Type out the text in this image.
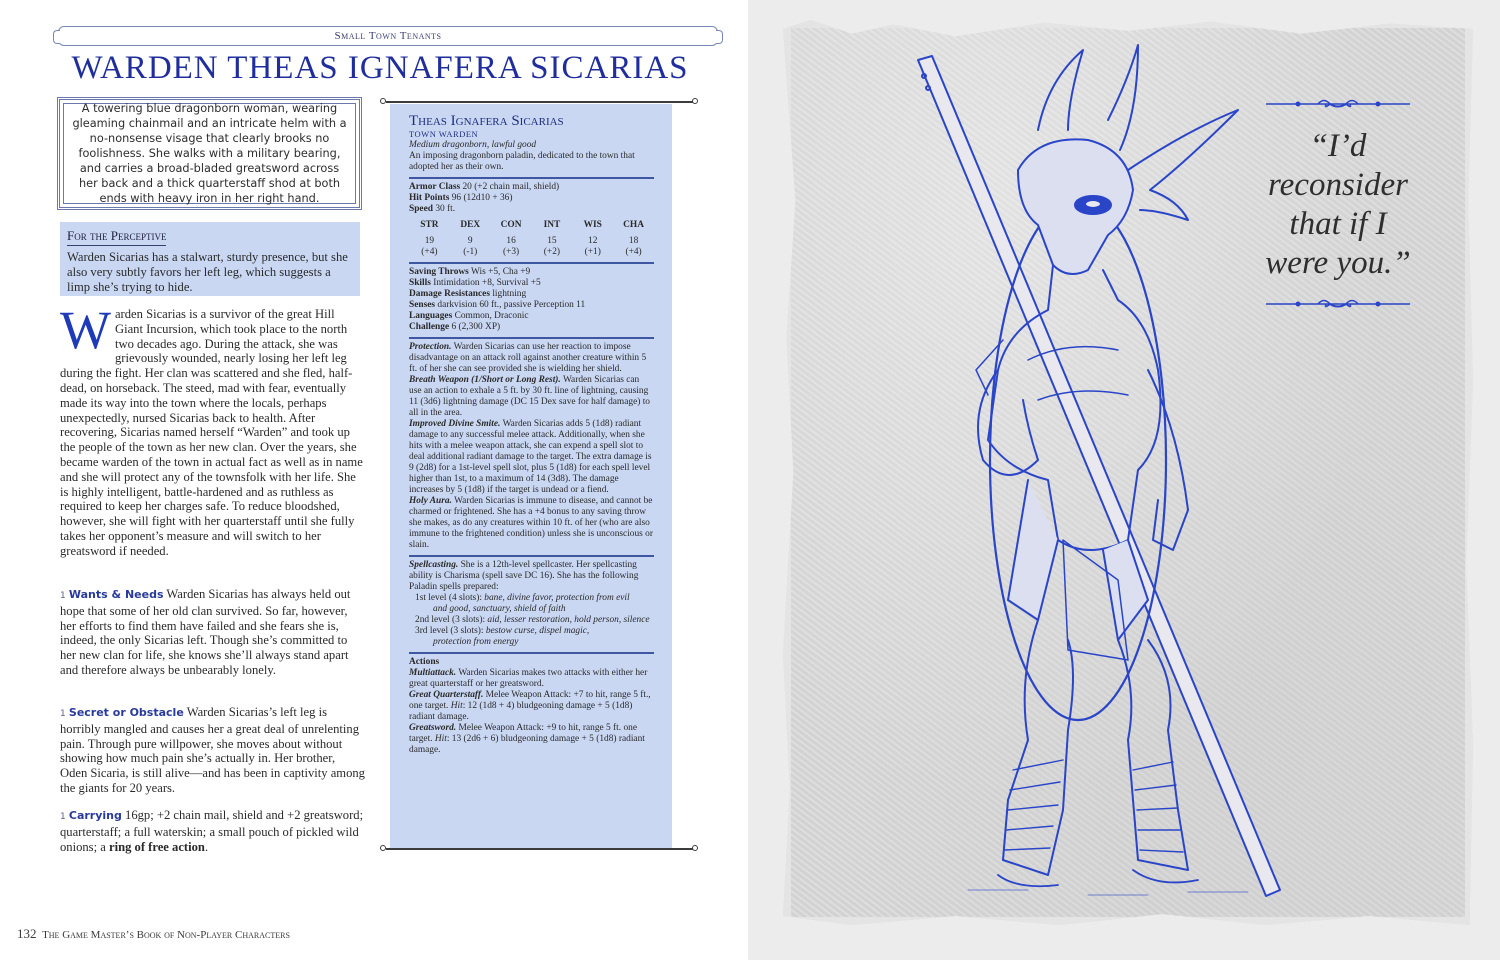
Small Town Tenants
WARDEN THEAS IGNAFERA SICARIAS
A towering blue dragonborn woman, wearing gleaming chainmail and an intricate helm with a no-nonsense visage that clearly brooks no foolishness. She walks with a military bearing, and carries a broad-bladed greatsword across her back and a thick quarterstaff shod at both ends with heavy iron in her right hand.
For the Perceptive
Warden Sicarias has a stalwart, sturdy presence, but she also very subtly favors her left leg, which suggests a limp she’s trying to hide.
W arden Sicarias is a survivor of the great Hill Giant Incursion, which took place to the north two decades ago. During the attack, she was grievously wounded, nearly losing her left leg during the fight. Her clan was scattered and she fled, half-dead, on horseback. The steed, mad with fear, eventually made its way into the town where the locals, perhaps unexpectedly, nursed Sicarias back to health. After recovering, Sicarias named herself “Warden” and took up the people of the town as her new clan. Over the years, she became warden of the town in actual fact as well as in name and she will protect any of the townsfolk with her life. She is highly intelligent, battle-hardened and as ruthless as required to keep her charges safe. To reduce bloodshed, however, she will fight with her quarterstaff until she fully takes her opponent’s measure and will switch to her greatsword if needed.
1 Wants & Needs Warden Sicarias has always held out hope that some of her old clan survived. So far, however, her efforts to find them have failed and she fears she is, indeed, the only Sicarias left. Though she’s committed to her new clan for life, she knows she’ll always stand apart and therefore always be unbearably lonely.
1 Secret or Obstacle Warden Sicarias’s left leg is horribly mangled and causes her a great deal of unrelenting pain. Through pure willpower, she moves about without showing how much pain she’s actually in. Her brother, Oden Sicaria, is still alive—and has been in captivity among the giants for 20 years.
1 Carrying 16gp; +2 chain mail, shield and +2 greatsword; quarterstaff; a full waterskin; a small pouch of pickled wild onions; a ring of free action.
Theas Ignafera Sicarias
TOWN WARDEN
Medium dragonborn, lawful good
An imposing dragonborn paladin, dedicated to the town that adopted her as their own.
Armor Class 20 (+2 chain mail, shield)
Hit Points 96 (12d10 + 36)
Speed 30 ft.
STR
19
(+4)
DEX
9
(-1)
CON
16
(+3)
INT
15
(+2)
WIS
12
(+1)
CHA
18
(+4)
Saving Throws Wis +5, Cha +9
Skills Intimidation +8, Survival +5
Damage Resistances lightning
Senses darkvision 60 ft., passive Perception 11
Languages Common, Draconic
Challenge 6 (2,300 XP)
Protection. Warden Sicarias can use her reaction to impose disadvantage on an attack roll against another creature within 5 ft. of her she can see provided she is wielding her shield.
Breath Weapon (1/Short or Long Rest). Warden Sicarias can use an action to exhale a 5 ft. by 30 ft. line of lightning, causing 11 (3d6) lightning damage (DC 15 Dex save for half damage) to all in the area.
Improved Divine Smite. Warden Sicarias adds 5 (1d8) radiant damage to any successful melee attack. Additionally, when she hits with a melee weapon attack, she can expend a spell slot to deal additional radiant damage to the target. The extra damage is 9 (2d8) for a 1st-level spell slot, plus 5 (1d8) for each spell level higher than 1st, to a maximum of 14 (3d8). The damage increases by 5 (1d8) if the target is undead or a fiend.
Holy Aura. Warden Sicarias is immune to disease, and cannot be charmed or frightened. She has a +4 bonus to any saving throw she makes, as do any creatures within 10 ft. of her (who are also immune to the frightened condition) unless she is unconscious or slain.
Spellcasting. She is a 12th-level spellcaster. Her spellcasting ability is Charisma (spell save DC 16). She has the following Paladin spells prepared:
1st level (4 slots): bane, divine favor, protection from evil
and good, sanctuary, shield of faith
2nd level (3 slots): aid, lesser restoration, hold person, silence
3rd level (3 slots): bestow curse, dispel magic,
protection from energy
Actions
Multiattack. Warden Sicarias makes two attacks with either her great quarterstaff or her greatsword.
Great Quarterstaff. Melee Weapon Attack: +7 to hit, range 5 ft., one target. Hit: 12 (1d8 + 4) bludgeoning damage + 5 (1d8) radiant damage.
Greatsword. Melee Weapon Attack: +9 to hit, range 5 ft. one target. Hit: 13 (2d6 + 6) bludgeoning damage + 5 (1d8) radiant damage.
132 The Game Master’s Book of Non-Player Characters
“I’d
reconsider
that if I
were you.”
